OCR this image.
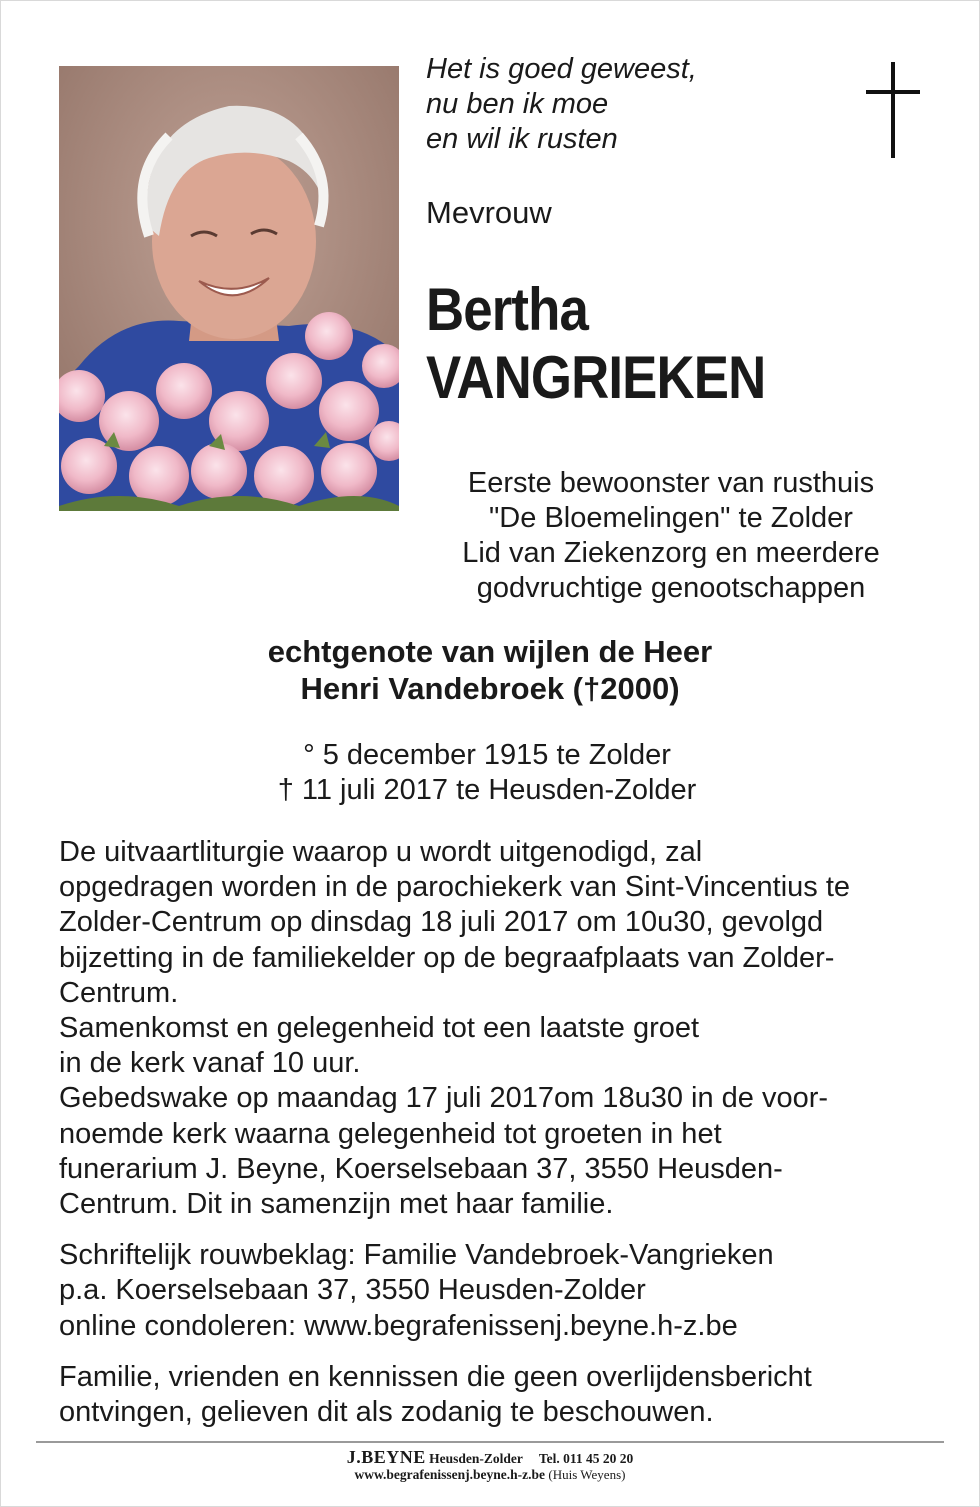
Het is goed geweest,
nu ben ik moe
en wil ik rusten
Mevrouw
Bertha
VANGRIEKEN
Eerste bewoonster van rusthuis
"De Bloemelingen" te Zolder
Lid van Ziekenzorg en meerdere
godvruchtige genootschappen
echtgenote van wijlen de Heer
Henri Vandebroek (†2000)
° 5 december 1915 te Zolder
† 11 juli 2017 te Heusden-Zolder

De uitvaartliturgie waarop u wordt uitgenodigd, zal

opgedragen worden in de parochiekerk van Sint-Vincentius te

Zolder-Centrum op dinsdag 18 juli 2017 om 10u30, gevolgd

bijzetting in de familiekelder op de begraafplaats van Zolder-

Centrum.

Samenkomst en gelegenheid tot een laatste groet

in de kerk vanaf 10 uur.

Gebedswake op maandag 17 juli 2017om 18u30 in de voor-

noemde kerk waarna gelegenheid tot groeten in het

funerarium J. Beyne, Koerselsebaan 37, 3550 Heusden-

Centrum. Dit in samenzijn met haar familie.

Schriftelijk rouwbeklag: Familie Vandebroek-Vangrieken

p.a. Koerselsebaan 37, 3550 Heusden-Zolder

online condoleren: www.begrafenissenj.beyne.h-z.be

Familie, vrienden en kennissen die geen overlijdensbericht

ontvingen, gelieven dit als zodanig te beschouwen.

J.BEYNE Heusden-Zolder Tel. 011 45 20 20
www.begrafenissenj.beyne.h-z.be (Huis Weyens)
